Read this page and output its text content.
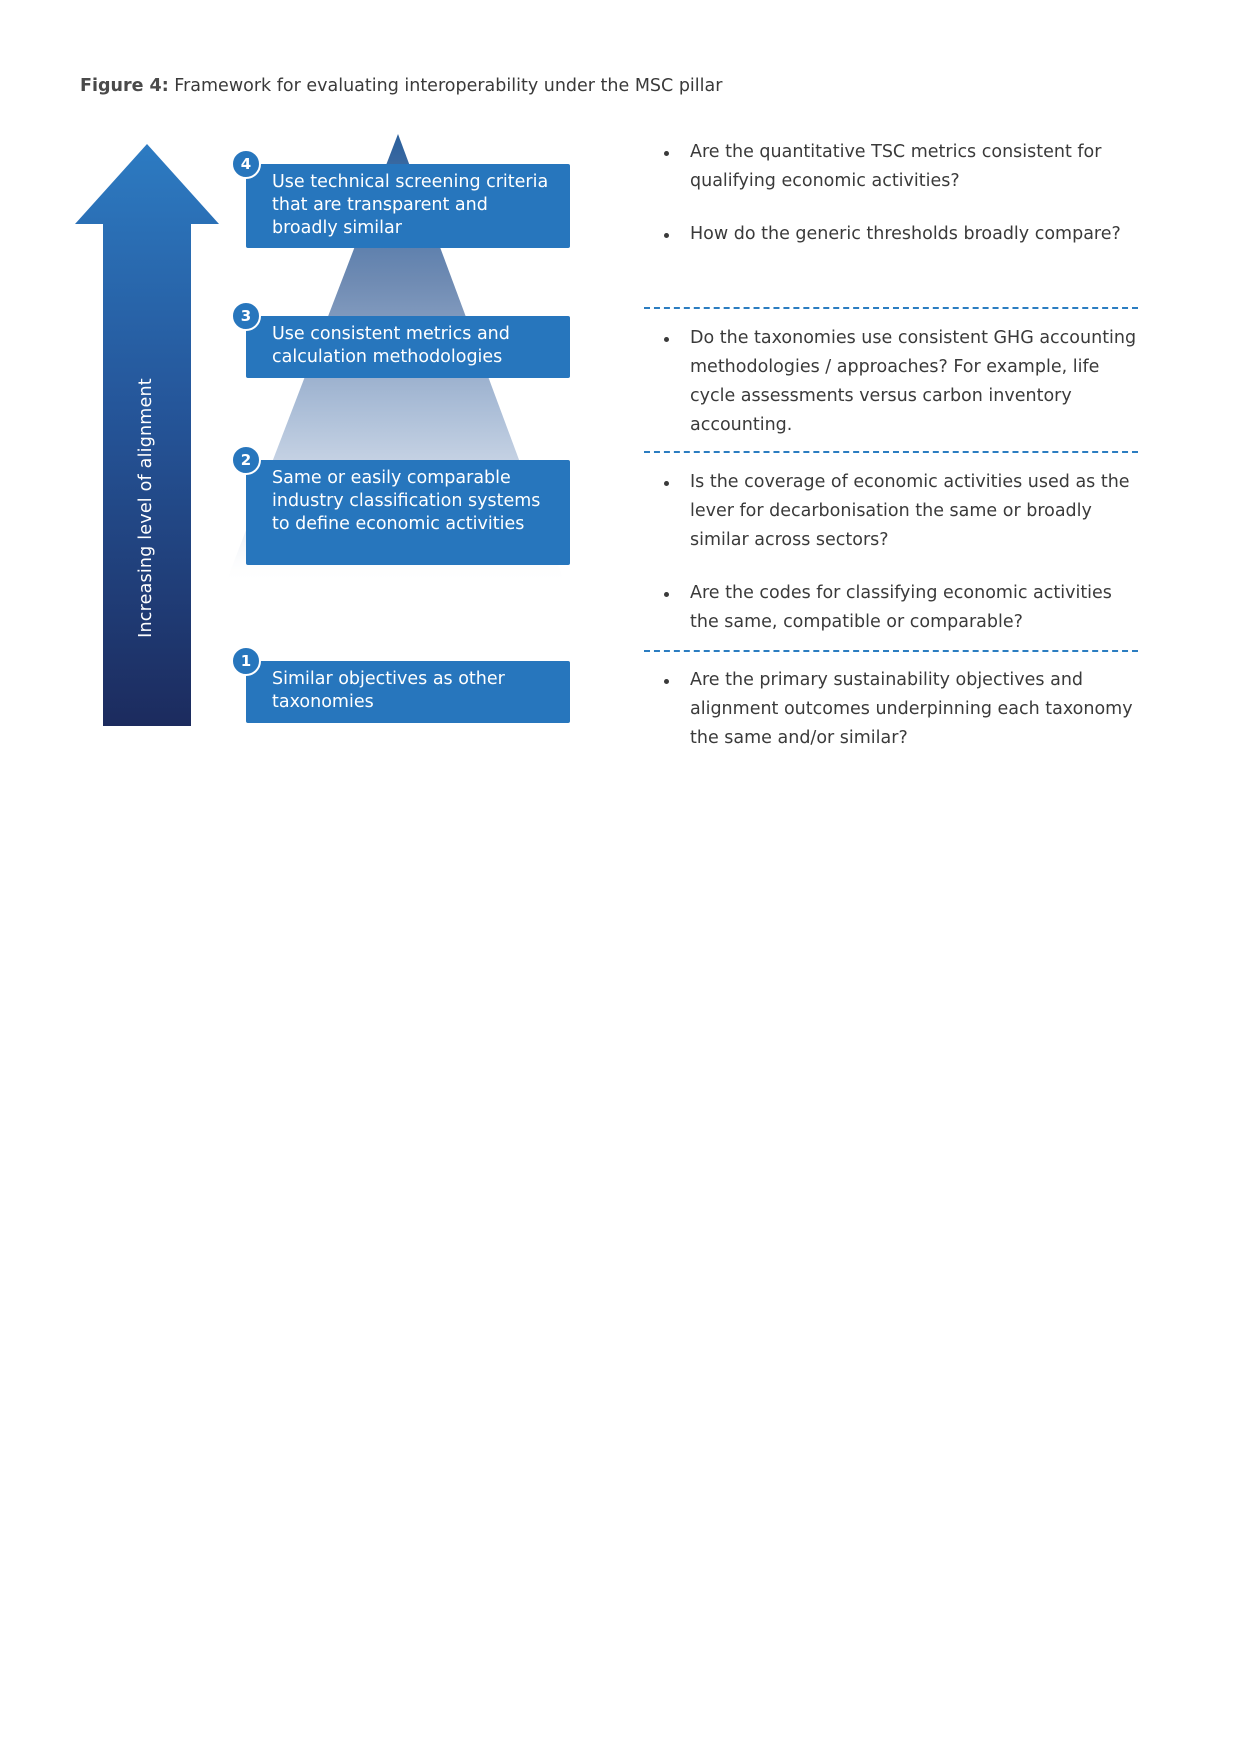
Figure 4: Framework for evaluating interoperability under the MSC pillar
Increasing level of alignment
Use technical screening criteria that are transparent and broadly similar
4
Use consistent metrics and calculation methodologies
3
Same or easily comparable industry classification systems to define economic activities
2
Similar objectives as other taxonomies
1
Are the quantitative TSC metrics consistent for qualifying economic activities?
How do the generic thresholds broadly compare?
Do the taxonomies use consistent GHG accounting methodologies / approaches? For example, life cycle assessments versus carbon inventory accounting.
Is the coverage of economic activities used as the lever for decarbonisation the same or broadly similar across sectors?
Are the codes for classifying economic activities the same, compatible or comparable?
Are the primary sustainability objectives and alignment outcomes underpinning each taxonomy the same and/or similar?
